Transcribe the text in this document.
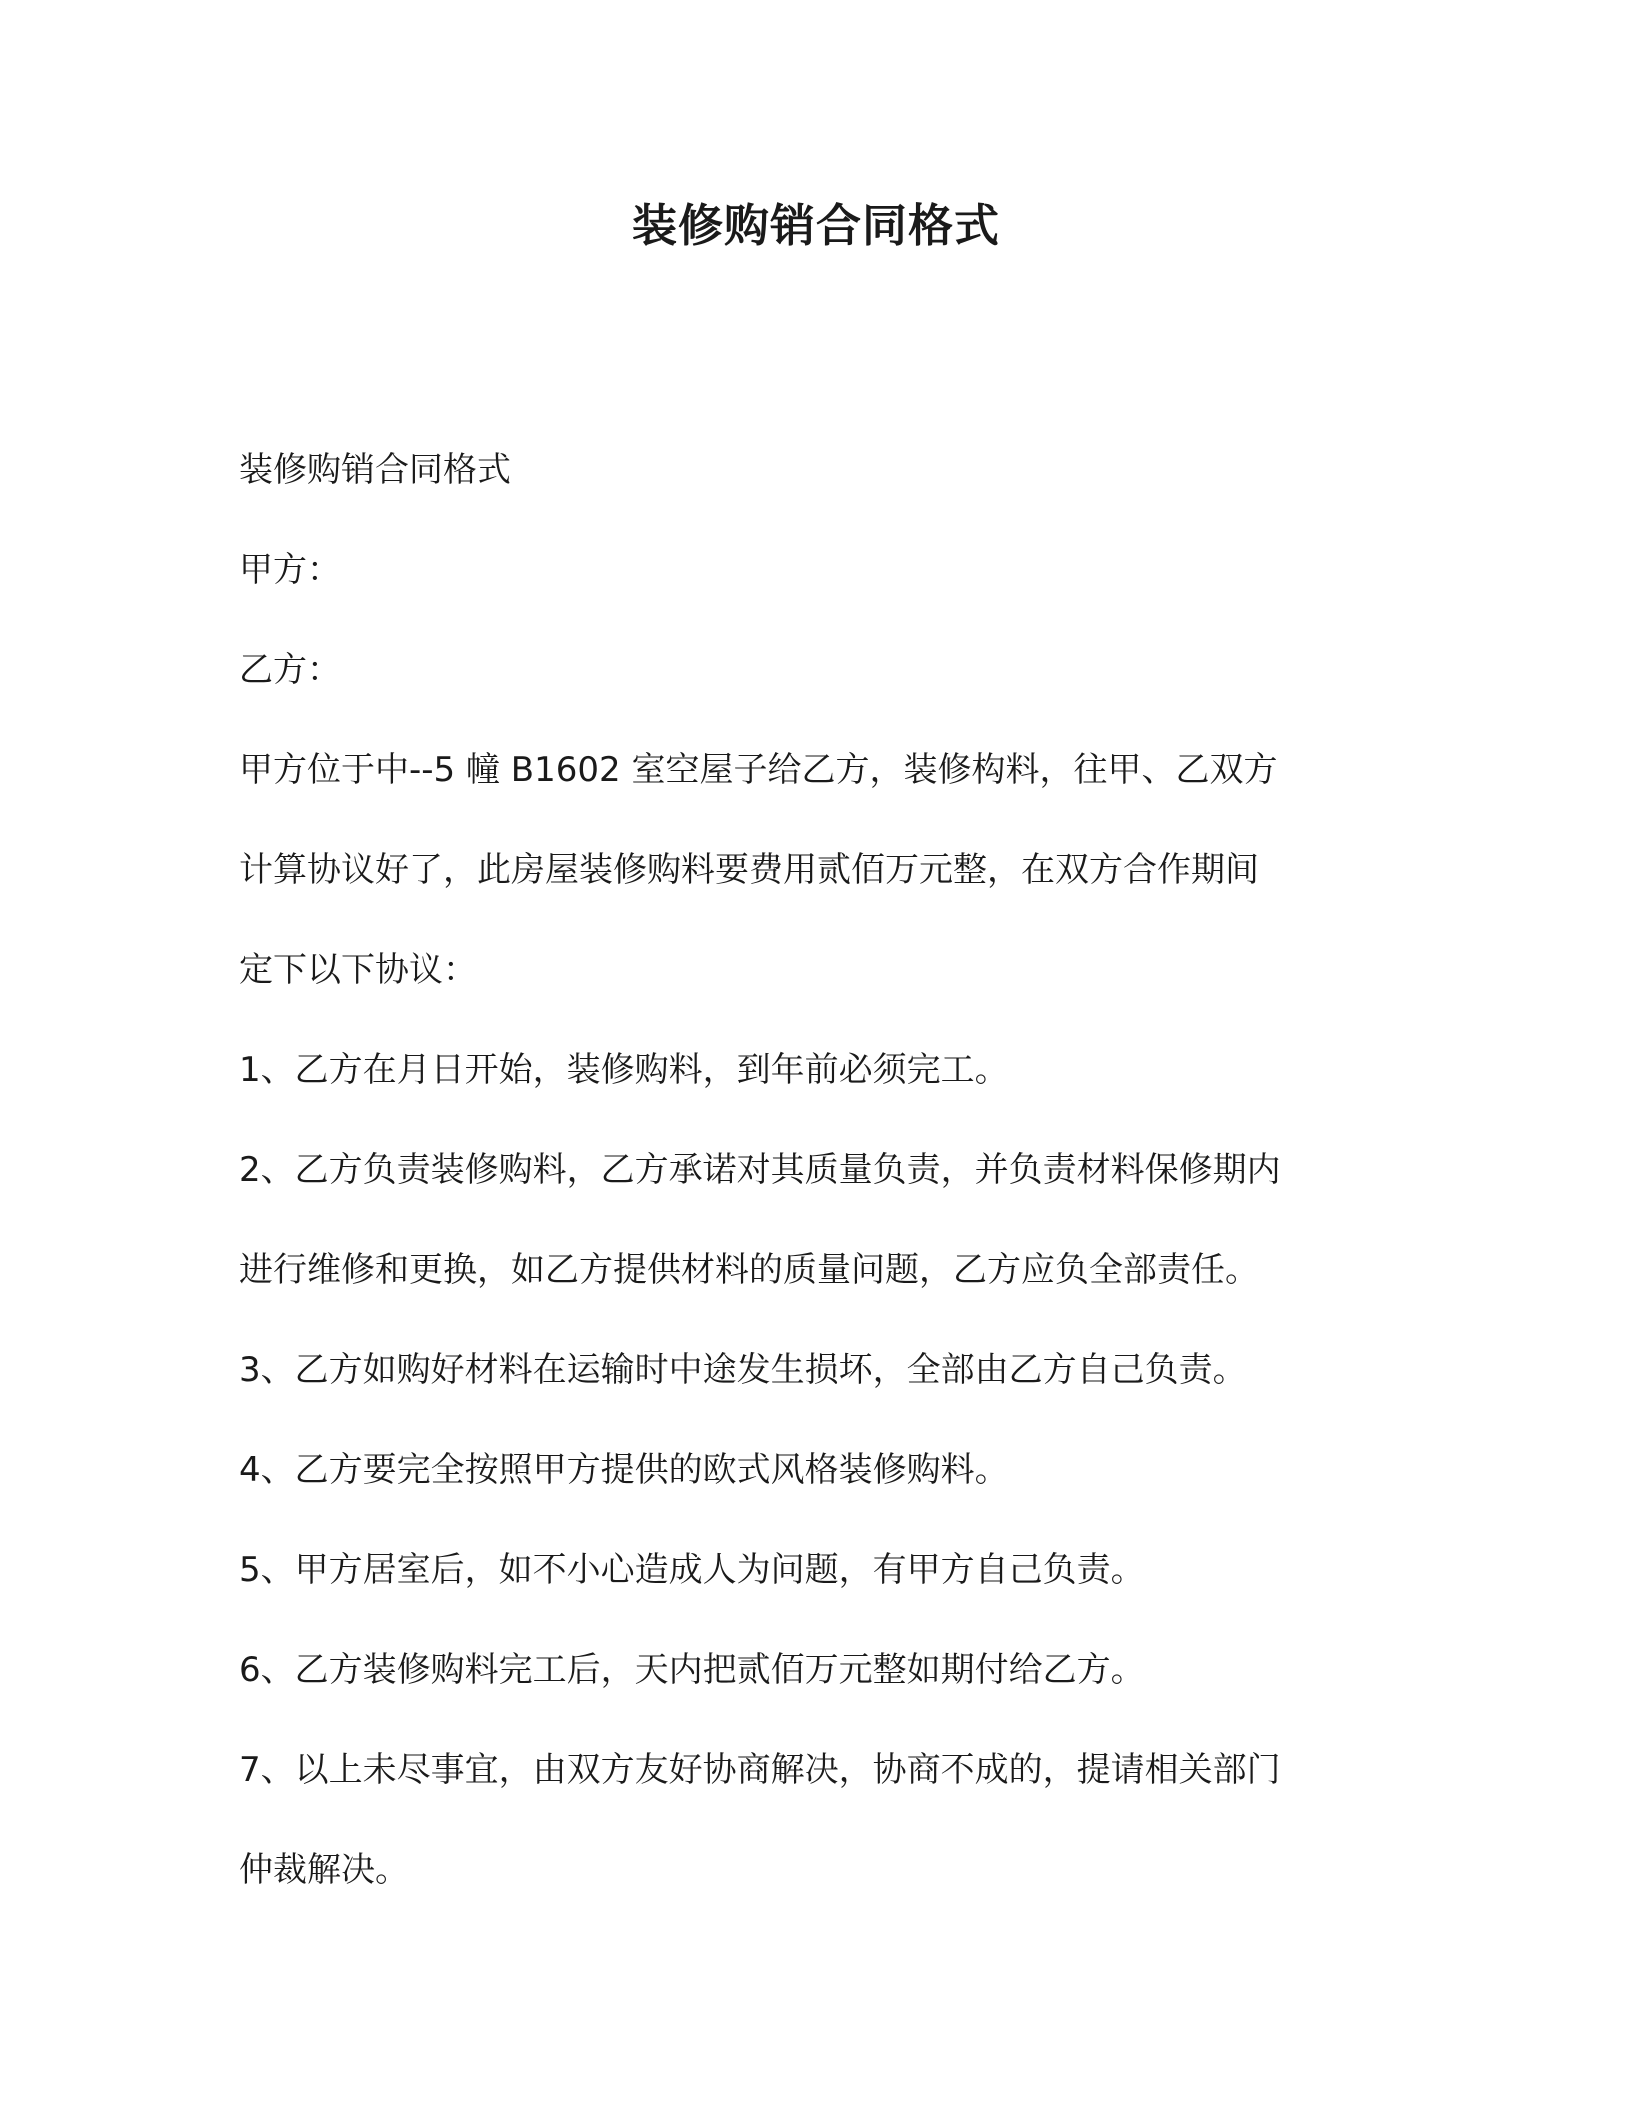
装修购销合同格式

装修购销合同格式

甲方：

乙方：

甲方位于中--5 幢 B1602 室空屋子给乙方，装修构料，往甲、乙双方

计算协议好了，此房屋装修购料要费用贰佰万元整，在双方合作期间

定下以下协议：

1、乙方在月日开始，装修购料，到年前必须完工。

2、乙方负责装修购料，乙方承诺对其质量负责，并负责材料保修期内

进行维修和更换，如乙方提供材料的质量问题，乙方应负全部责任。

3、乙方如购好材料在运输时中途发生损坏，全部由乙方自己负责。

4、乙方要完全按照甲方提供的欧式风格装修购料。

5、甲方居室后，如不小心造成人为问题，有甲方自己负责。

6、乙方装修购料完工后，天内把贰佰万元整如期付给乙方。

7、以上未尽事宜，由双方友好协商解决，协商不成的，提请相关部门

仲裁解决。
